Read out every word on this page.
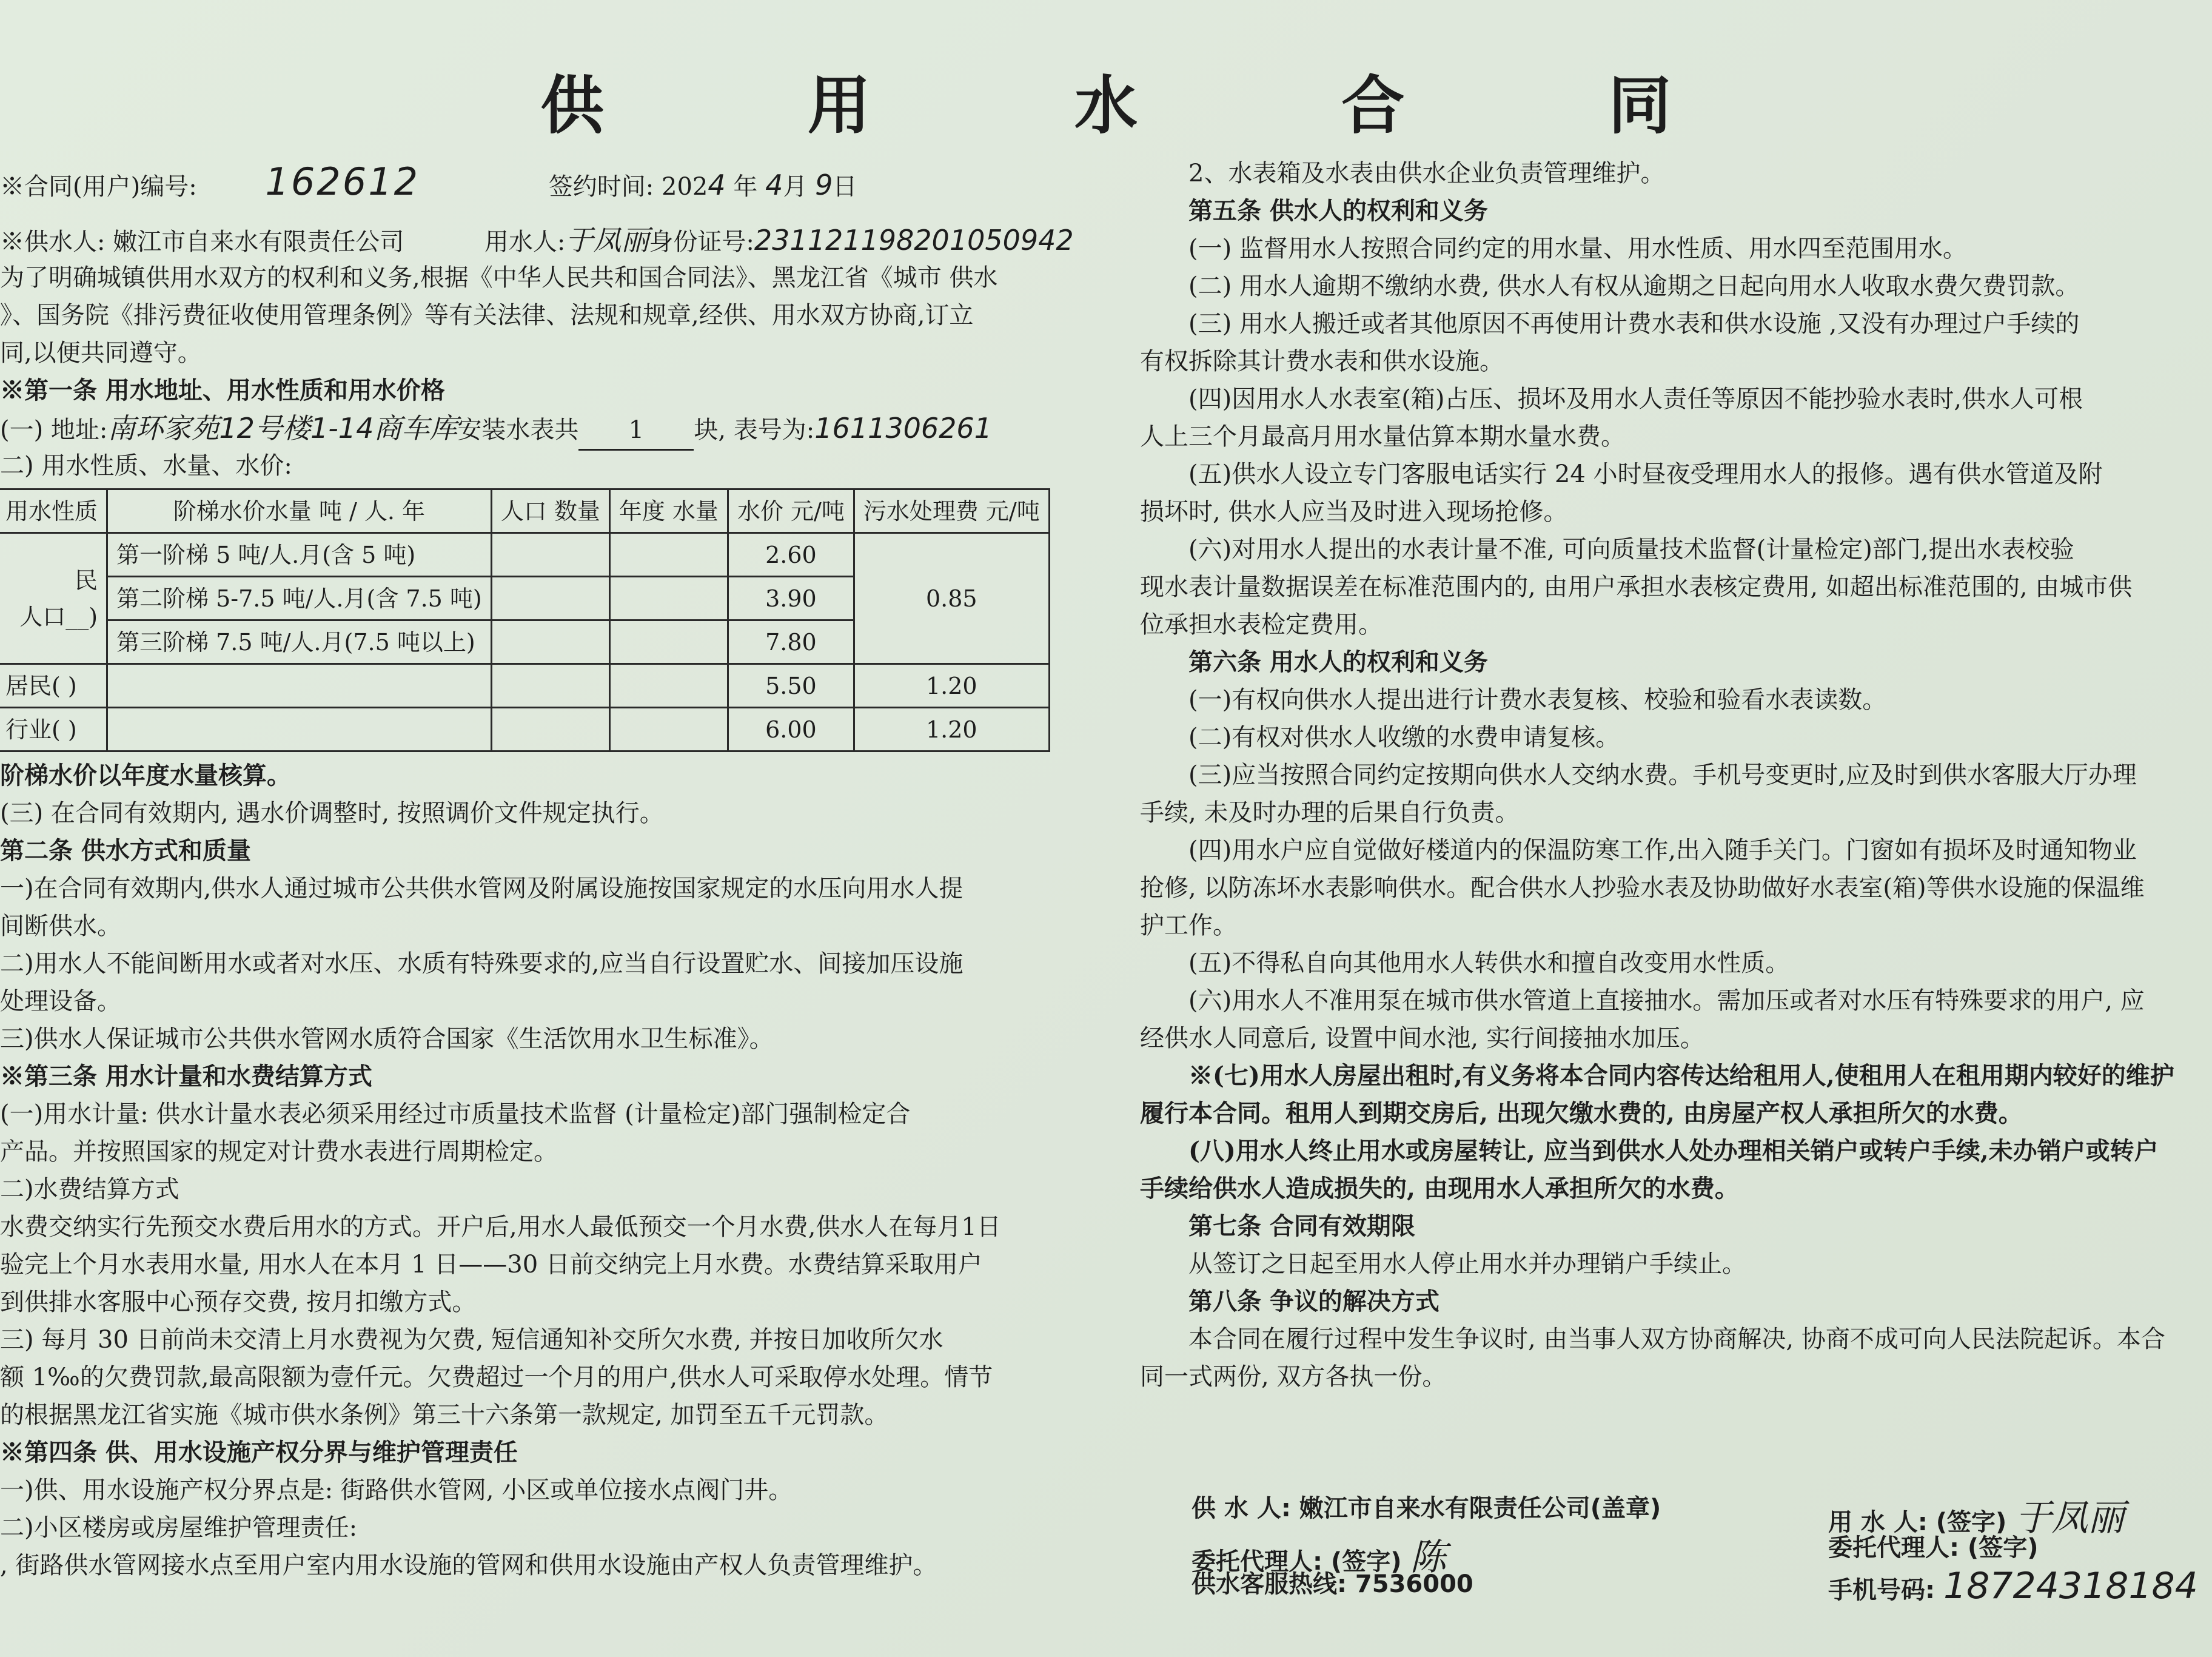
供 用 水 合 同
※合同(用户)编号: 162612	签约时间: 2024 年 4月 9日
※供水人: 嫩江市自来水有限责任公司	用水人:于凤丽身份证号:231121198201050942
为了明确城镇供用水双方的权利和义务,根据《中华人民共和国合同法》、黑龙江省《城市 供水
》、国务院《排污费征收使用管理条例》等有关法律、法规和规章,经供、用水双方协商,订立
同,以便共同遵守。
※第一条 用水地址、用水性质和用水价格
(一) 地址:南环家苑12号楼1-14商车库安装水表共 1 块, 表号为:1611306261
二) 用水性质、水量、水价:
用水性质	阶梯水价水量 吨 / 人. 年	人口 数量	年度 水量	水价 元/吨	污水处理费 元/吨

民
人口__)	第一阶梯 5 吨/人.月(含 5 吨)			2.60	0.85
	第二阶梯 5-7.5 吨/人.月(含 7.5 吨)			3.90	
	第三阶梯 7.5 吨/人.月(7.5 吨以上)			7.80	
居民( )				5.50	1.20
行业( )				6.00	1.20
阶梯水价以年度水量核算。
(三) 在合同有效期内, 遇水价调整时, 按照调价文件规定执行。
第二条 供水方式和质量
一)在合同有效期内,供水人通过城市公共供水管网及附属设施按国家规定的水压向用水人提
间断供水。
二)用水人不能间断用水或者对水压、水质有特殊要求的,应当自行设置贮水、间接加压设施
处理设备。
三)供水人保证城市公共供水管网水质符合国家《生活饮用水卫生标准》。
※第三条 用水计量和水费结算方式
(一)用水计量: 供水计量水表必须采用经过市质量技术监督 (计量检定)部门强制检定合
产品。并按照国家的规定对计费水表进行周期检定。
二)水费结算方式
水费交纳实行先预交水费后用水的方式。开户后,用水人最低预交一个月水费,供水人在每月1日
验完上个月水表用水量, 用水人在本月 1 日——30 日前交纳完上月水费。水费结算采取用户
到供排水客服中心预存交费, 按月扣缴方式。
三) 每月 30 日前尚未交清上月水费视为欠费, 短信通知补交所欠水费, 并按日加收所欠水
额 1‰的欠费罚款,最高限额为壹仟元。欠费超过一个月的用户,供水人可采取停水处理。情节
的根据黑龙江省实施《城市供水条例》第三十六条第一款规定, 加罚至五千元罚款。
※第四条 供、用水设施产权分界与维护管理责任
一)供、用水设施产权分界点是: 街路供水管网, 小区或单位接水点阀门井。
二)小区楼房或房屋维护管理责任:
, 街路供水管网接水点至用户室内用水设施的管网和供用水设施由产权人负责管理维护。
2、水表箱及水表由供水企业负责管理维护。
第五条 供水人的权利和义务
(一) 监督用水人按照合同约定的用水量、用水性质、用水四至范围用水。
(二) 用水人逾期不缴纳水费, 供水人有权从逾期之日起向用水人收取水费欠费罚款。
(三) 用水人搬迁或者其他原因不再使用计费水表和供水设施 ,又没有办理过户手续的
有权拆除其计费水表和供水设施。
(四)因用水人水表室(箱)占压、损坏及用水人责任等原因不能抄验水表时,供水人可根
人上三个月最高月用水量估算本期水量水费。
(五)供水人设立专门客服电话实行 24 小时昼夜受理用水人的报修。遇有供水管道及附
损坏时, 供水人应当及时进入现场抢修。
(六)对用水人提出的水表计量不准, 可向质量技术监督(计量检定)部门,提出水表校验
现水表计量数据误差在标准范围内的, 由用户承担水表核定费用, 如超出标准范围的, 由城市供
位承担水表检定费用。
第六条 用水人的权利和义务
(一)有权向供水人提出进行计费水表复核、校验和验看水表读数。
(二)有权对供水人收缴的水费申请复核。
(三)应当按照合同约定按期向供水人交纳水费。手机号变更时,应及时到供水客服大厅办理
手续, 未及时办理的后果自行负责。
(四)用水户应自觉做好楼道内的保温防寒工作,出入随手关门。门窗如有损坏及时通知物业
抢修, 以防冻坏水表影响供水。配合供水人抄验水表及协助做好水表室(箱)等供水设施的保温维
护工作。
(五)不得私自向其他用水人转供水和擅自改变用水性质。
(六)用水人不准用泵在城市供水管道上直接抽水。需加压或者对水压有特殊要求的用户, 应
经供水人同意后, 设置中间水池, 实行间接抽水加压。
※(七)用水人房屋出租时,有义务将本合同内容传达给租用人,使租用人在租用期内较好的维护
履行本合同。租用人到期交房后, 出现欠缴水费的, 由房屋产权人承担所欠的水费。
(八)用水人终止用水或房屋转让, 应当到供水人处办理相关销户或转户手续,未办销户或转户
手续给供水人造成损失的, 由现用水人承担所欠的水费。
第七条 合同有效期限
从签订之日起至用水人停止用水并办理销户手续止。
第八条 争议的解决方式
本合同在履行过程中发生争议时, 由当事人双方协商解决, 协商不成可向人民法院起诉。本合
同一式两份, 双方各执一份。
供 水 人: 嫩江市自来水有限责任公司(盖章)
委托代理人: (签字) 陈
供水客服热线: 7536000
用 水 人: (签字) 于凤丽
委托代理人: (签字)
手机号码: 18724318184
